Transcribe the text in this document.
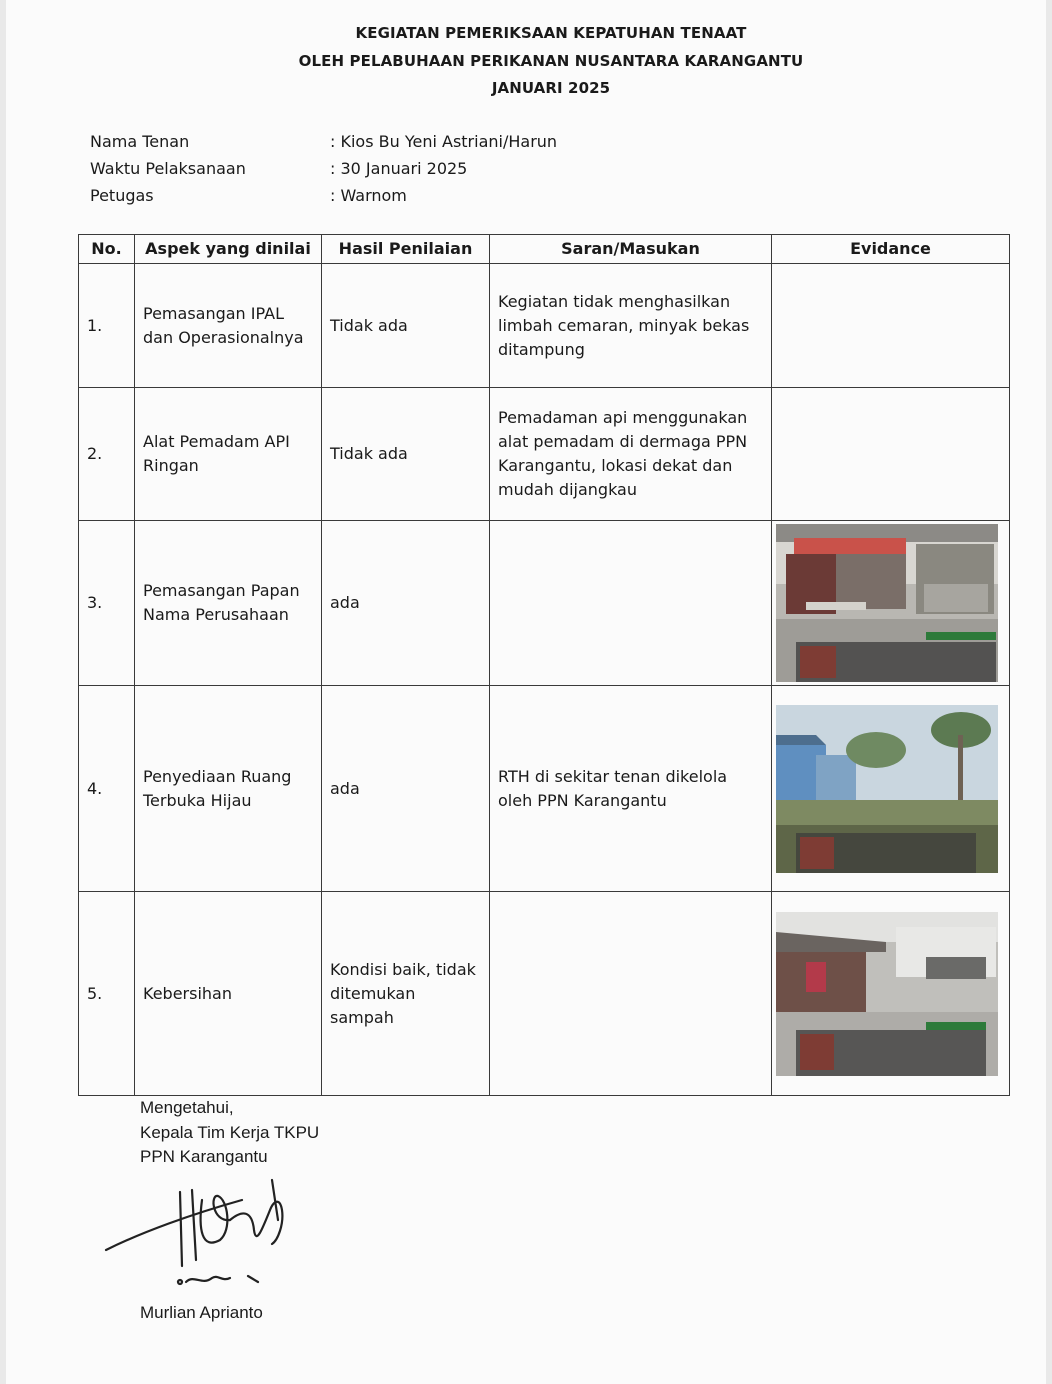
KEGIATAN PEMERIKSAAN KEPATUHAN TENAAT
OLEH PELABUHAAN PERIKANAN NUSANTARA KARANGANTU
JANUARI 2025
Nama Tenan	: Kios Bu Yeni Astriani/Harun
Waktu Pelaksanaan	: 30 Januari 2025
Petugas	: Warnom
No.	Aspek yang dinilai	Hasil Penilaian	Saran/Masukan	Evidance
1.	Pemasangan IPAL dan Operasionalnya	Tidak ada	Kegiatan tidak menghasilkan limbah cemaran, minyak bekas ditampung	
2.	Alat Pemadam API Ringan	Tidak ada	Pemadaman api menggunakan alat pemadam di dermaga PPN Karangantu, lokasi dekat dan mudah dijangkau	
3.	Pemasangan Papan Nama Perusahaan	ada		

4.	Penyediaan Ruang Terbuka Hijau	ada	RTH di sekitar tenan dikelola oleh PPN Karangantu	

5.	Kebersihan	Kondisi baik, tidak ditemukan sampah		
Mengetahui,
Kepala Tim Kerja TKPU
PPN Karangantu
Murlian Aprianto
